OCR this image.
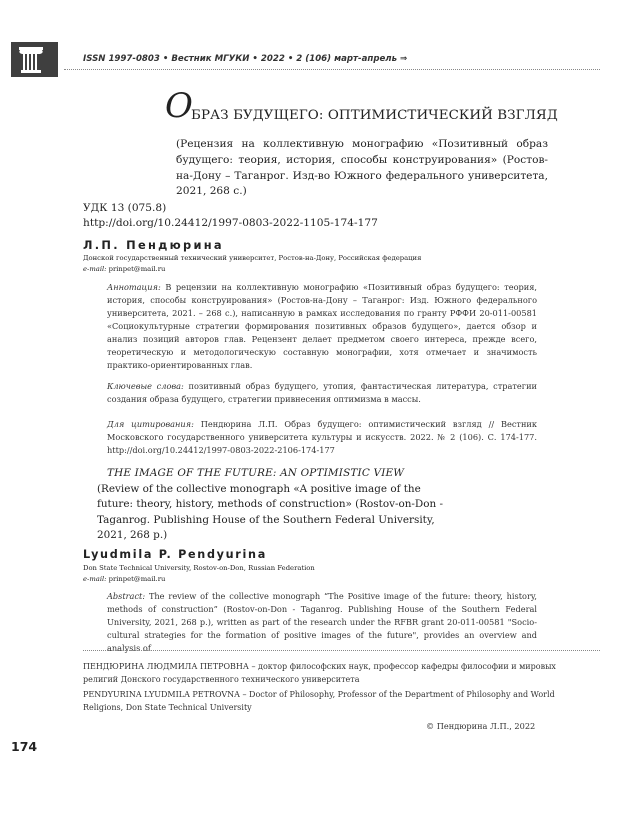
ISSN 1997-0803 • Вестник МГУКИ • 2022 • 2 (106) март-апрель ⇒
О
БРАЗ БУДУЩЕГО: ОПТИМИСТИЧЕСКИЙ ВЗГЛЯД
(Рецензия на коллективную монографию «Позитивный образ будущего: теория, история, способы конструирования» (Ростов-на-Дону – Таганрог. Изд-во Южного федерального университета, 2021, 268 с.)
УДК 13 (075.8)
http://doi.org/10.24412/1997-0803-2022-1105-174-177
Л.П. Пендюрина
Донской государственный технический университет, Ростов-на-Дону, Российская федерация
e-mail: prinpet@mail.ru
Аннотация: В рецензии на коллективную монографию «Позитивный образ будущего: теория, история, способы конструирования» (Ростов-на-Дону – Таганрог: Изд. Южного федерального университета, 2021. – 268 с.), написанную в рамках исследования по гранту РФФИ 20-011-00581 «Социокультурные стратегии формирования позитивных образов будущего», дается обзор и анализ позиций авторов глав. Рецензент делает предметом своего интереса, прежде всего, теоретическую и методологическую составную монографии, хотя отмечает и значимость практико-ориентированных глав.
Ключевые слова: позитивный образ будущего, утопия, фантастическая литература, стратегии создания образа будущего, стратегии привнесения оптимизма в массы.
Для цитирования: Пендюрина Л.П. Образ будущего: оптимистический взгляд // Вестник Московского государственного университета культуры и искусств. 2022. № 2 (106). С. 174-177. http://doi.org/10.24412/1997-0803-2022-2106-174-177
THE IMAGE OF THE FUTURE: AN OPTIMISTIC VIEW
(Review of the collective monograph «A positive image of the future: theory, history, methods of construction» (Rostov-on-Don - Taganrog. Publishing House of the Southern Federal University, 2021, 268 p.)
Lyudmila P. Pendyurina
Don State Technical University, Rostov-on-Don, Russian Federation
e-mail: prinpet@mail.ru
Abstract: The review of the collective monograph “The Positive image of the future: theory, history, methods of construction” (Rostov-on-Don - Taganrog. Publishing House of the Southern Federal University, 2021, 268 p.), written as part of the research under the RFBR grant 20-011-00581 "Socio-cultural strategies for the formation of positive images of the future", provides an overview and analysis of
ПЕНДЮРИНА ЛЮДМИЛА ПЕТРОВНА – доктор философских наук, профессор кафедры философии и мировых религий Донского государственного технического университета
PENDYURINA LYUDMILA PETROVNA – Doctor of Philosophy, Professor of the Department of Philosophy and World Religions, Don State Technical University
© Пендюрина Л.П., 2022
174
